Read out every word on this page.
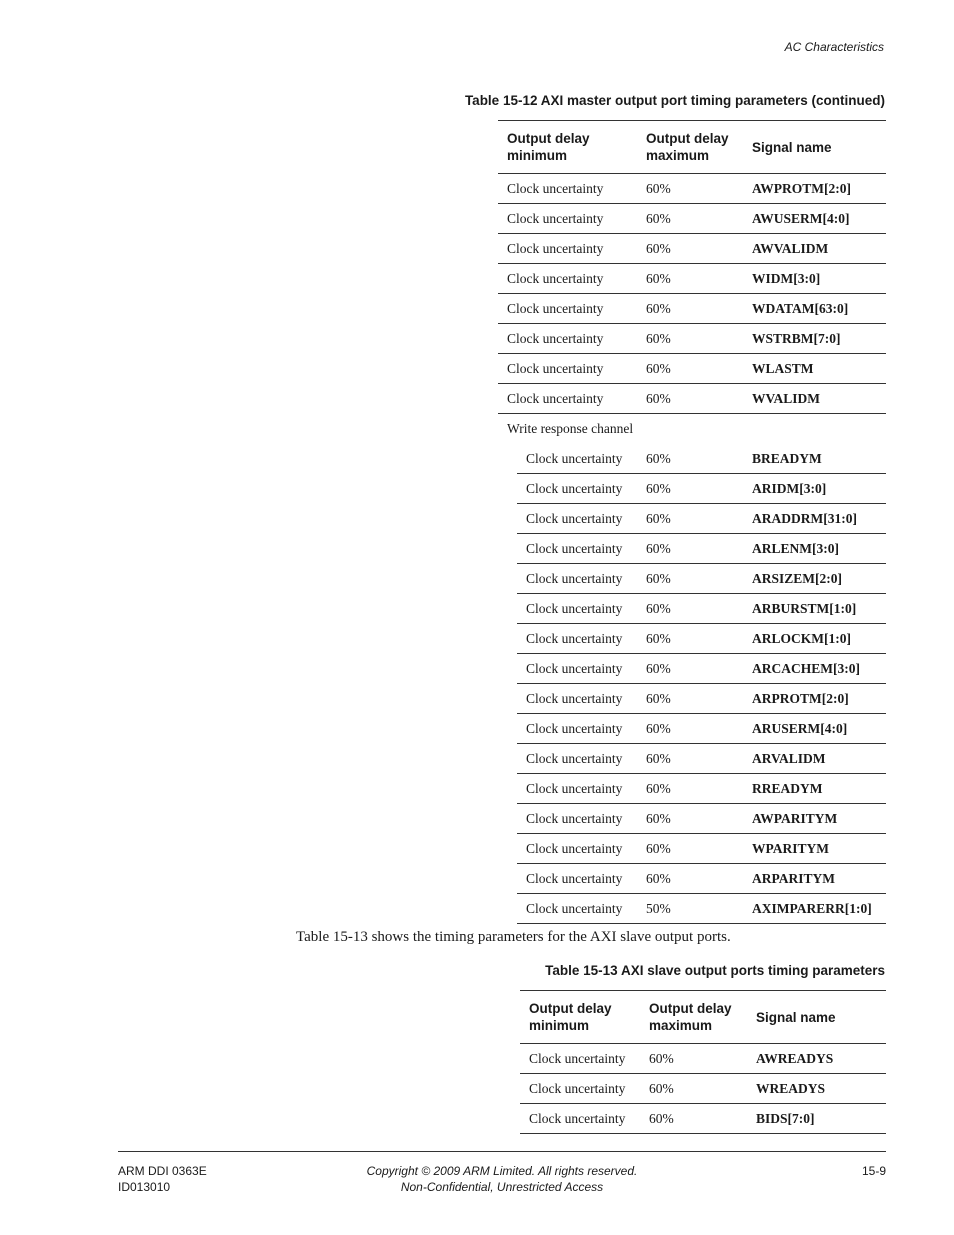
AC Characteristics
Table 15-12 AXI master output port timing parameters (continued)
Output delay minimum	Output delay maximum	Signal name
Clock uncertainty	60%	AWPROTM[2:0]
Clock uncertainty	60%	AWUSERM[4:0]
Clock uncertainty	60%	AWVALIDM
Clock uncertainty	60%	WIDM[3:0]
Clock uncertainty	60%	WDATAM[63:0]
Clock uncertainty	60%	WSTRBM[7:0]
Clock uncertainty	60%	WLASTM
Clock uncertainty	60%	WVALIDM
Write response channel		
Clock uncertainty	60%	BREADYM
Clock uncertainty	60%	ARIDM[3:0]
Clock uncertainty	60%	ARADDRM[31:0]
Clock uncertainty	60%	ARLENM[3:0]
Clock uncertainty	60%	ARSIZEM[2:0]
Clock uncertainty	60%	ARBURSTM[1:0]
Clock uncertainty	60%	ARLOCKM[1:0]
Clock uncertainty	60%	ARCACHEM[3:0]
Clock uncertainty	60%	ARPROTM[2:0]
Clock uncertainty	60%	ARUSERM[4:0]
Clock uncertainty	60%	ARVALIDM
Clock uncertainty	60%	RREADYM
Clock uncertainty	60%	AWPARITYM
Clock uncertainty	60%	WPARITYM
Clock uncertainty	60%	ARPARITYM
Clock uncertainty	50%	AXIMPARERR[1:0]
Table 15-13 shows the timing parameters for the AXI slave output ports.
Table 15-13 AXI slave output ports timing parameters
Output delay minimum	Output delay maximum	Signal name
Clock uncertainty	60%	AWREADYS
Clock uncertainty	60%	WREADYS
Clock uncertainty	60%	BIDS[7:0]
ARM DDI 0363E
ID013010
Copyright © 2009 ARM Limited. All rights reserved.
Non-Confidential, Unrestricted Access
15-9
